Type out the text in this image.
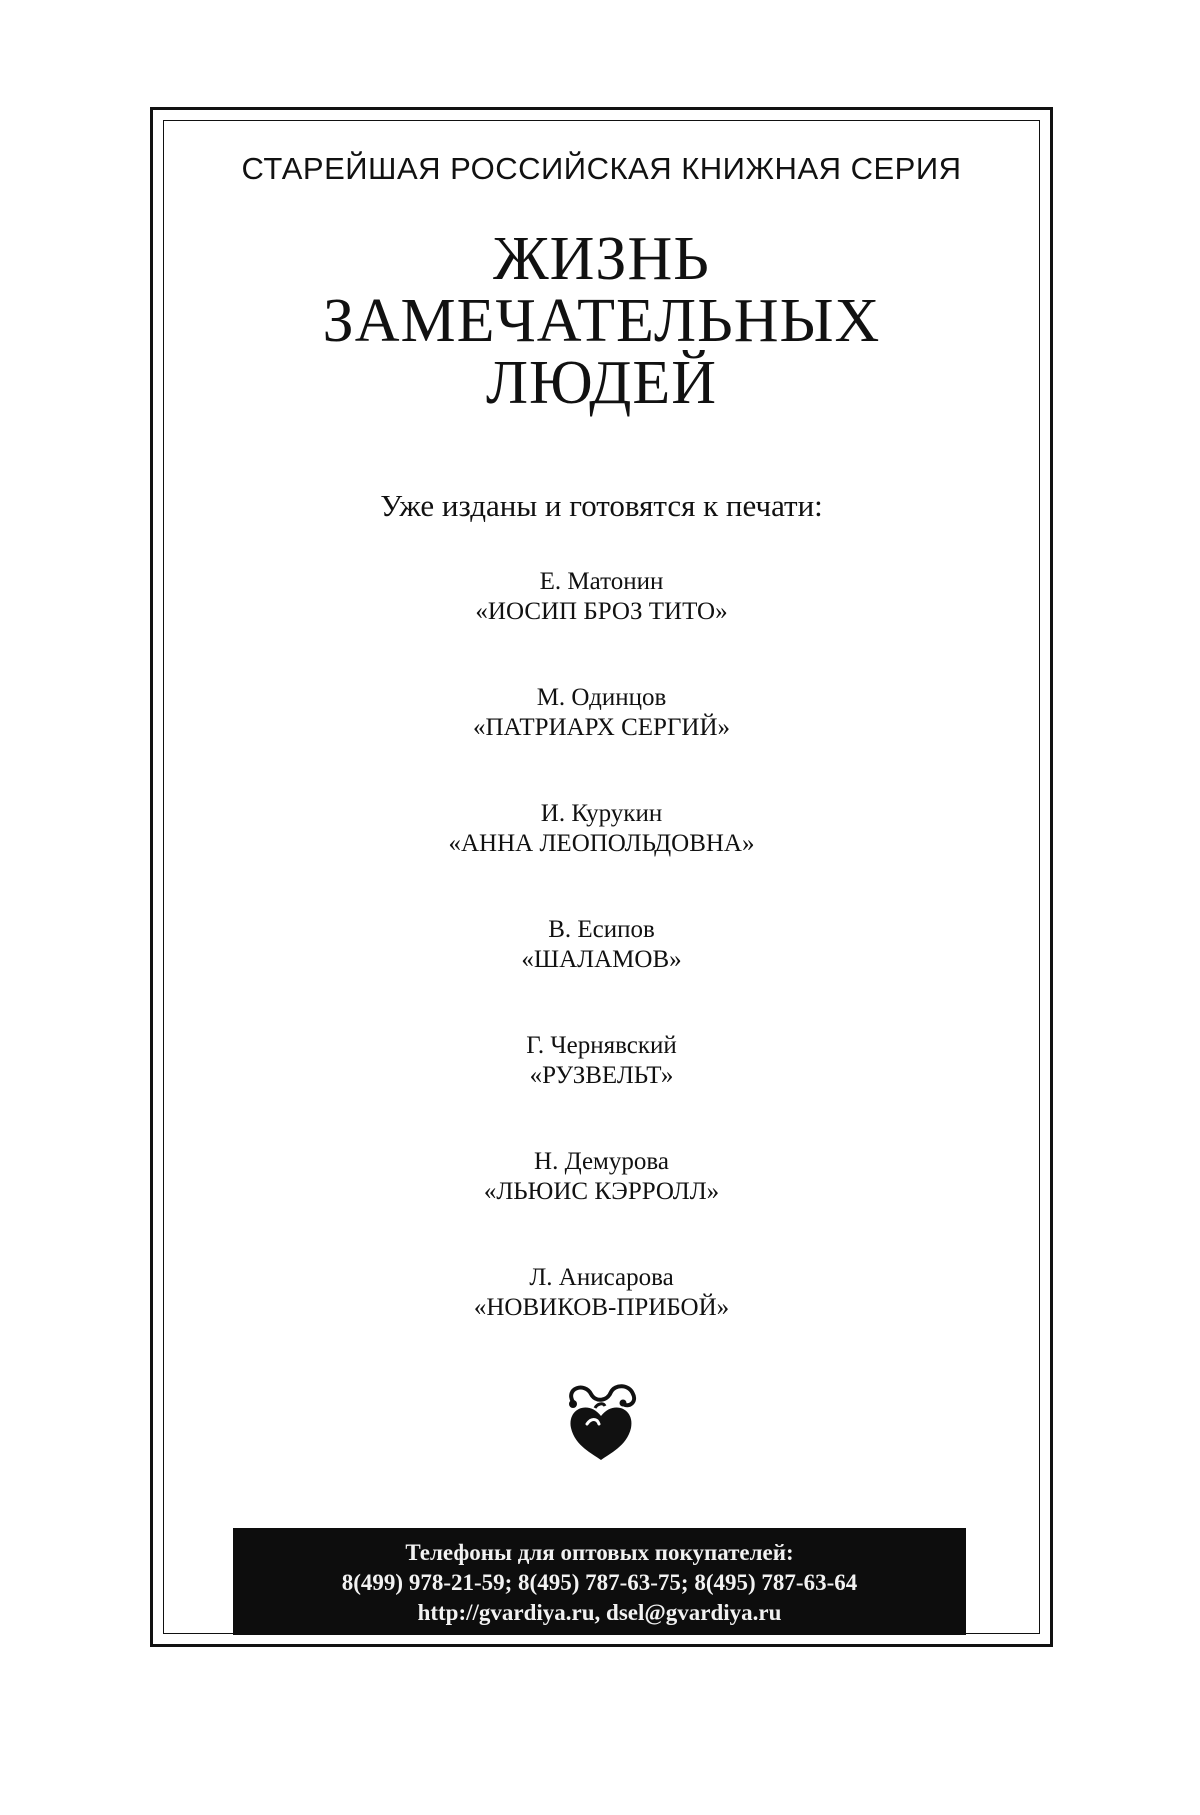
СТАРЕЙШАЯ РОССИЙСКАЯ КНИЖНАЯ СЕРИЯ
ЖИЗНЬ
ЗАМЕЧАТЕЛЬНЫХ
ЛЮДЕЙ
Уже изданы и готовятся к печати:
Е. Матонин
«ИОСИП БРОЗ ТИТО»
М. Одинцов
«ПАТРИАРХ СЕРГИЙ»
И. Курукин
«АННА ЛЕОПОЛЬДОВНА»
В. Есипов
«ШАЛАМОВ»
Г. Чернявский
«РУЗВЕЛЬТ»
Н. Демурова
«ЛЬЮИС КЭРРОЛЛ»
Л. Анисарова
«НОВИКОВ-ПРИБОЙ»
Телефоны для оптовых покупателей:
8(499) 978-21-59; 8(495) 787-63-75; 8(495) 787-63-64
http://gvardiya.ru, dsel@gvardiya.ru
